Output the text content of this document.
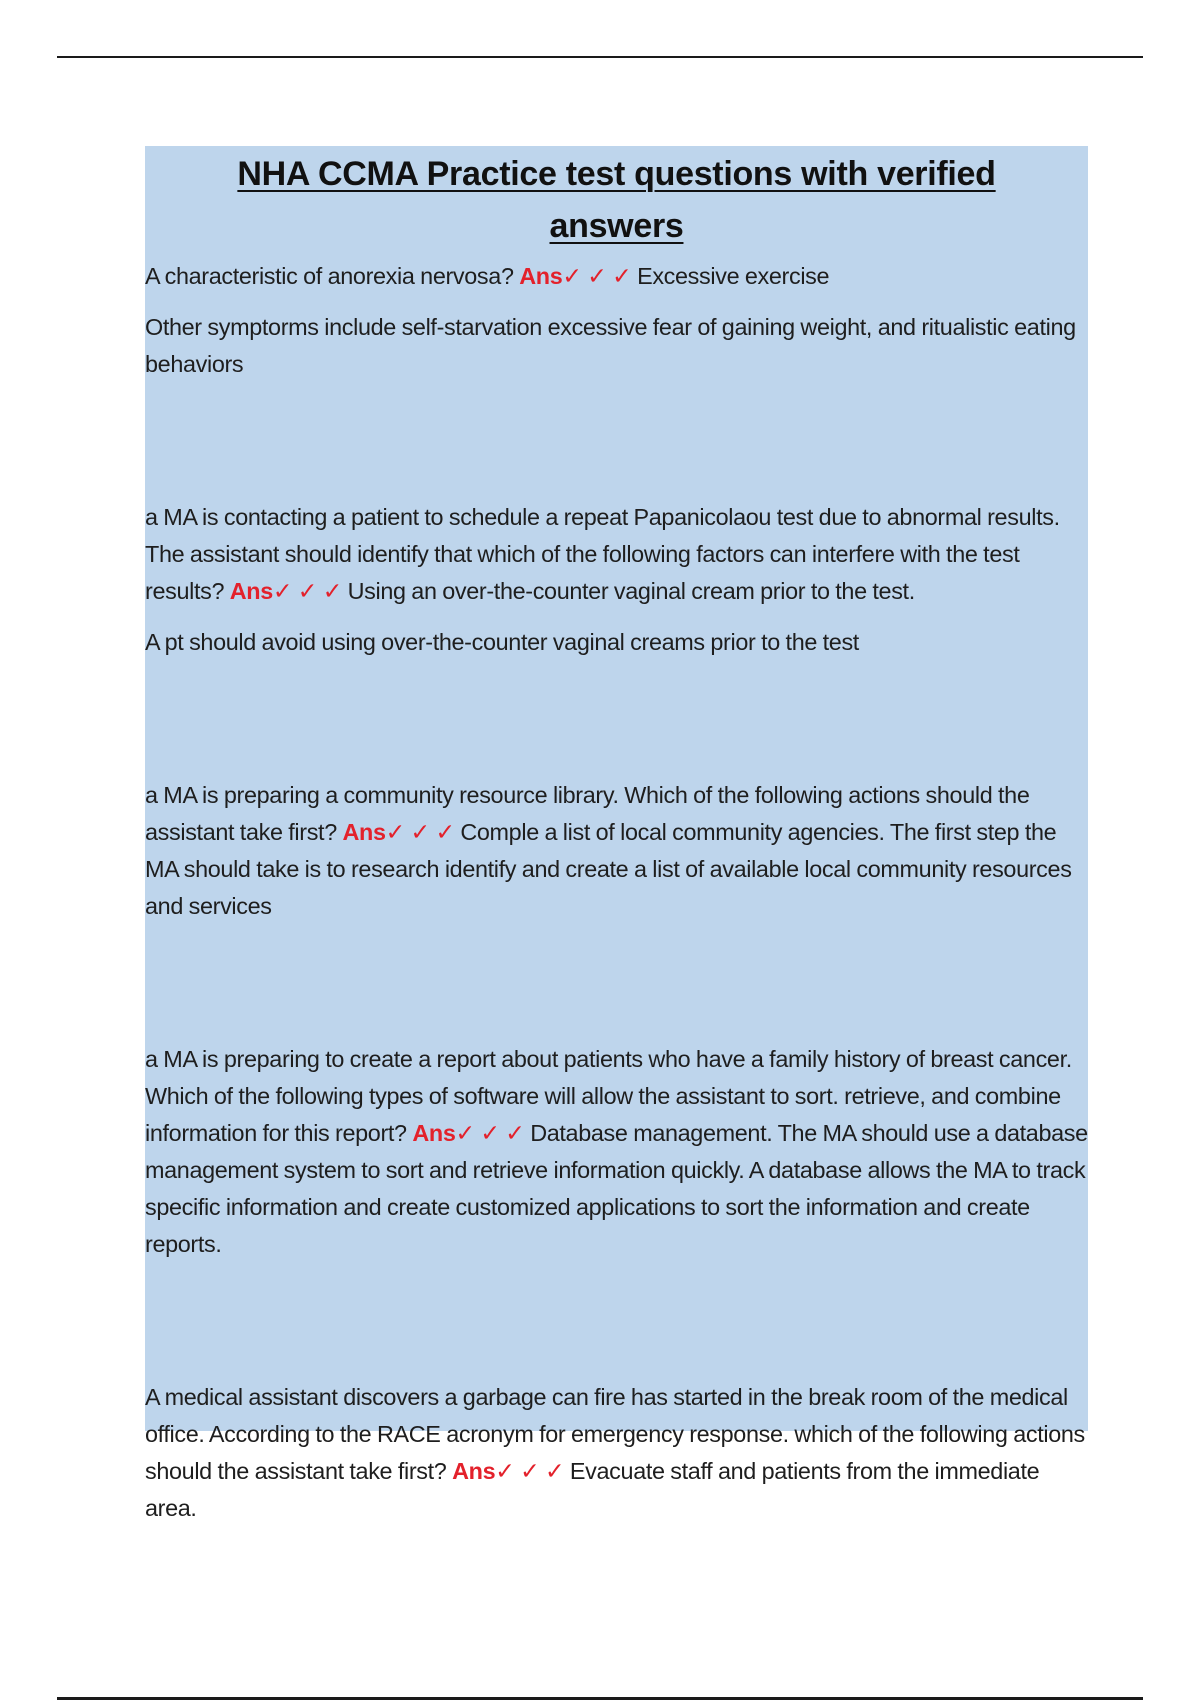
NHA CCMA Practice test questions with verified
answers

A characteristic of anorexia nervosa? Ans✓ ✓ ✓ Excessive exercise

Other symptorms include self-starvation excessive fear of gaining weight, and ritualistic eating behaviors

a MA is contacting a patient to schedule a repeat Papanicolaou test due to abnormal results. The assistant should identify that which of the following factors can interfere with the test results? Ans✓ ✓ ✓ Using an over-the-counter vaginal cream prior to the test.

A pt should avoid using over-the-counter vaginal creams prior to the test

a MA is preparing a community resource library. Which of the following actions should the assistant take first? Ans✓ ✓ ✓ Comple a list of local community agencies. The first step the MA should take is to research identify and create a list of available local community resources and services

a MA is preparing to create a report about patients who have a family history of breast cancer. Which of the following types of software will allow the assistant to sort. retrieve, and combine information for this report? Ans✓ ✓ ✓ Database management. The MA should use a database management system to sort and retrieve information quickly. A database allows the MA to track specific information and create customized applications to sort the information and create reports.

A medical assistant discovers a garbage can fire has started in the break room of the medical office. According to the RACE acronym for emergency response. which of the following actions should the assistant take first? Ans✓ ✓ ✓ Evacuate staff and patients from the immediate area.
